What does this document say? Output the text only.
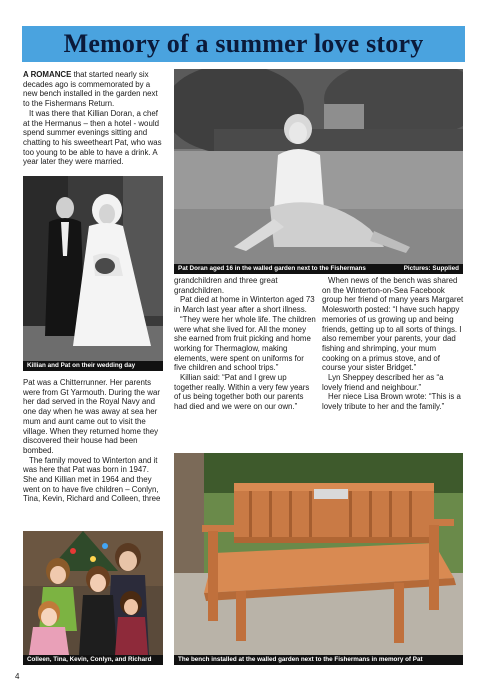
Memory of a summer love story

A ROMANCE that started nearly six decades ago is commemorated by a new bench installed in the garden next to the Fishermans Return.

It was there that Killian Doran, a chef at the Hermanus – then a hotel - would spend summer evenings sitting and chatting to his sweetheart Pat, who was too young to be able to have a drink. A year later they were married.

Pat Doran aged 16 in the walled garden next to the Fishermans	Pictures: Supplied
Killian and Pat on their wedding day

Pat was a Chitterrunner. Her parents were from Gt Yarmouth. During the war her dad served in the Royal Navy and one day when he was away at sea her mum and aunt came out to visit the village. When they returned home they discovered their house had been bombed.

The family moved to Winterton and it was here that Pat was born in 1947. She and Killian met in 1964 and they went on to have five children – Conlyn, Tina, Kevin, Richard and Colleen, three

Colleen, Tina, Kevin, Conlyn, and Richard

grandchildren and three great grandchildren.

Pat died at home in Winterton aged 73 in March last year after a short illness.

“They were her whole life. The children were what she lived for. All the money she earned from fruit picking and home working for Thermaglow, making elements, were spent on uniforms for five children and school trips.”

Killian said: “Pat and I grew up together really. Within a very few years of us being together both our parents had died and we were on our own.”

When news of the bench was shared on the Winterton-on-Sea Facebook group her friend of many years Margaret Molesworth posted: “I have such happy memories of us growing up and being friends, getting up to all sorts of things. I also remember your parents, your dad fishing and shrimping, your mum cooking on a primus stove, and of course your sister Bridget.”

Lyn Sheppey described her as “a lovely friend and neighbour.”

Her niece Lisa Brown wrote: “This is a lovely tribute to her and the family.”

The bench installed at the walled garden next to the Fishermans in memory of Pat
4
